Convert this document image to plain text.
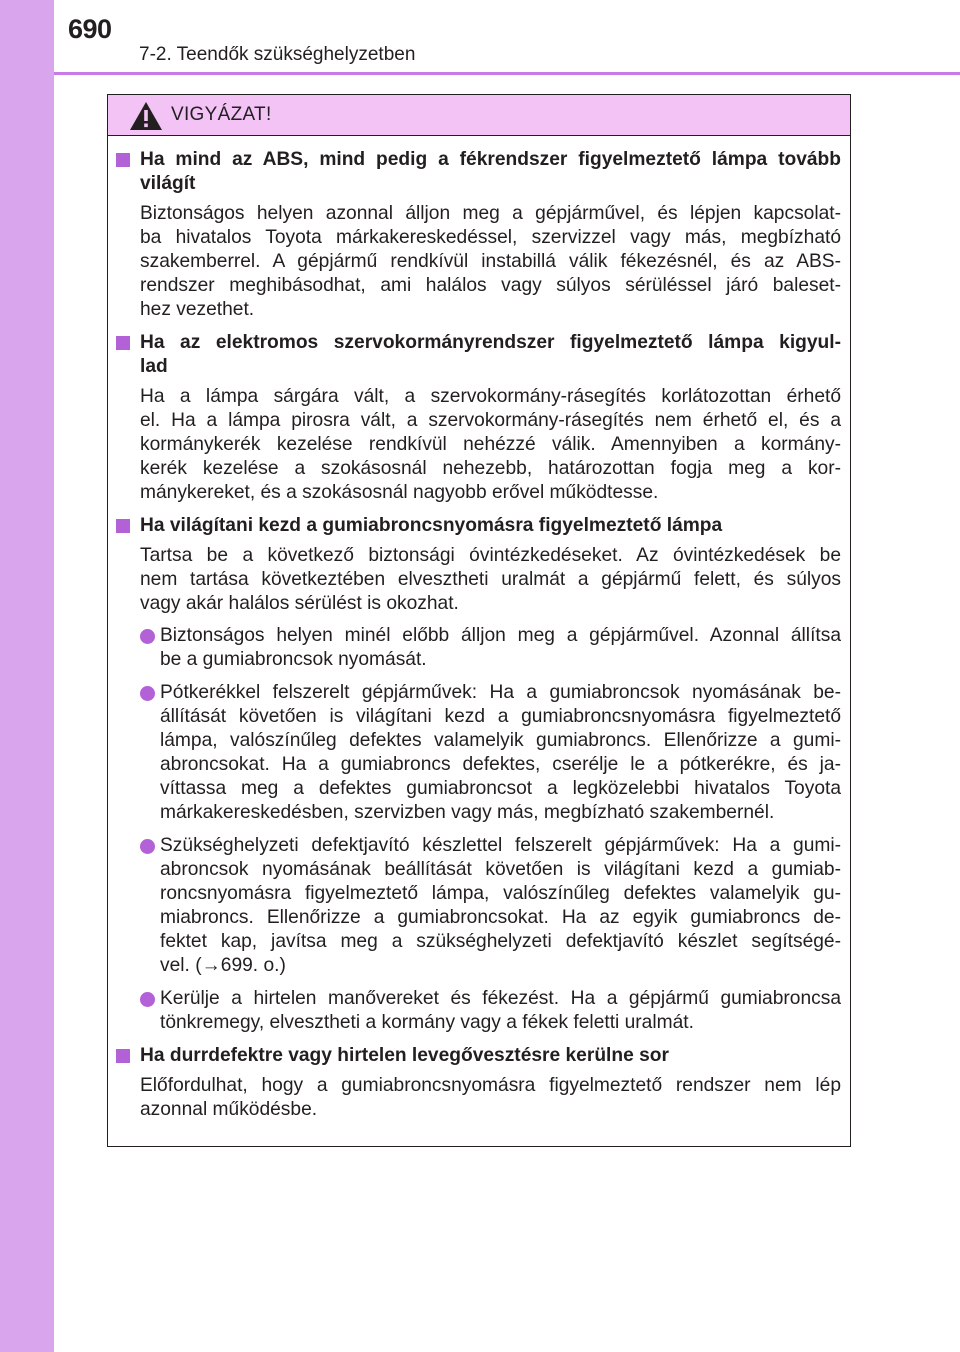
690
7-2. Teendők szükséghelyzetben
VIGYÁZAT!
Ha mind az ABS, mind pedig a fékrendszer figyelmeztető lámpa tovább
világít
Biztonságos helyen azonnal álljon meg a gépjárművel, és lépjen kapcsolat-
ba hivatalos Toyota márkakereskedéssel, szervizzel vagy más, megbízható
szakemberrel. A gépjármű rendkívül instabillá válik fékezésnél, és az ABS-
rendszer meghibásodhat, ami halálos vagy súlyos sérüléssel járó baleset-
hez vezethet.
Ha az elektromos szervokormányrendszer figyelmeztető lámpa kigyul-
lad
Ha a lámpa sárgára vált, a szervokormány-rásegítés korlátozottan érhető
el. Ha a lámpa pirosra vált, a szervokormány-rásegítés nem érhető el, és a
kormánykerék kezelése rendkívül nehézzé válik. Amennyiben a kormány-
kerék kezelése a szokásosnál nehezebb, határozottan fogja meg a kor-
mánykereket, és a szokásosnál nagyobb erővel működtesse.
Ha világítani kezd a gumiabroncsnyomásra figyelmeztető lámpa
Tartsa be a következő biztonsági óvintézkedéseket. Az óvintézkedések be
nem tartása következtében elvesztheti uralmát a gépjármű felett, és súlyos
vagy akár halálos sérülést is okozhat.
Biztonságos helyen minél előbb álljon meg a gépjárművel. Azonnal állítsa
be a gumiabroncsok nyomását.
Pótkerékkel felszerelt gépjárművek: Ha a gumiabroncsok nyomásának be-
állítását követően is világítani kezd a gumiabroncsnyomásra figyelmeztető
lámpa, valószínűleg defektes valamelyik gumiabroncs. Ellenőrizze a gumi-
abroncsokat. Ha a gumiabroncs defektes, cserélje le a pótkerékre, és ja-
víttassa meg a defektes gumiabroncsot a legközelebbi hivatalos Toyota
márkakereskedésben, szervizben vagy más, megbízható szakembernél.
Szükséghelyzeti defektjavító készlettel felszerelt gépjárművek: Ha a gumi-
abroncsok nyomásának beállítását követően is világítani kezd a gumiab-
roncsnyomásra figyelmeztető lámpa, valószínűleg defektes valamelyik gu-
miabroncs. Ellenőrizze a gumiabroncsokat. Ha az egyik gumiabroncs de-
fektet kap, javítsa meg a szükséghelyzeti defektjavító készlet segítségé-
vel. (→699. o.)
Kerülje a hirtelen manővereket és fékezést. Ha a gépjármű gumiabroncsa
tönkremegy, elvesztheti a kormány vagy a fékek feletti uralmát.
Ha durrdefektre vagy hirtelen levegővesztésre kerülne sor
Előfordulhat, hogy a gumiabroncsnyomásra figyelmeztető rendszer nem lép
azonnal működésbe.
